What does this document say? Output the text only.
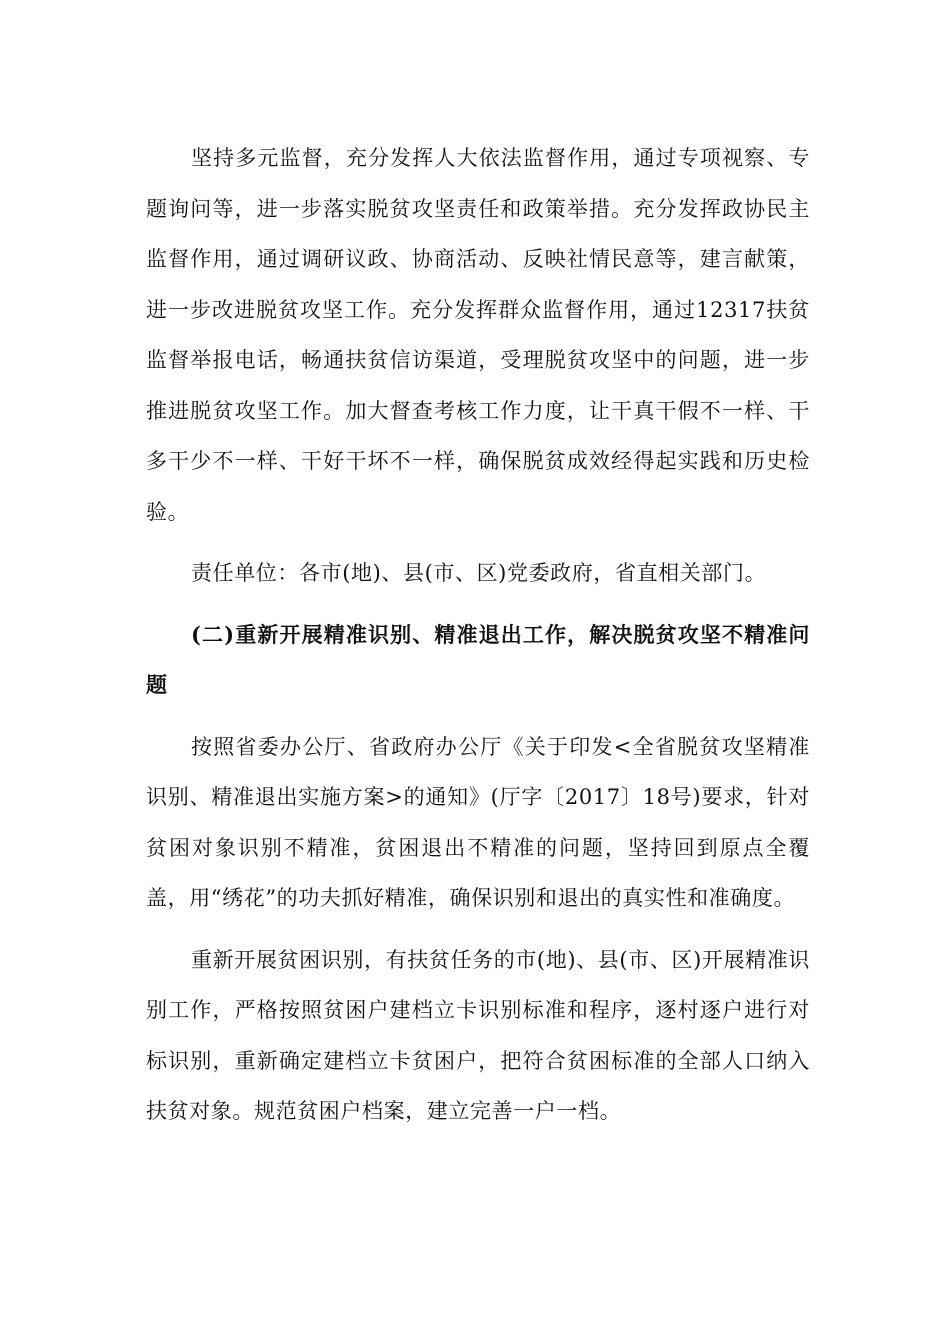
坚持多元监督，充分发挥人大依法监督作用，通过专项视察、专题询问等，进一步落实脱贫攻坚责任和政策举措。充分发挥政协民主监督作用，通过调研议政、协商活动、反映社情民意等，建言献策，进一步改进脱贫攻坚工作。充分发挥群众监督作用，通过12317扶贫监督举报电话，畅通扶贫信访渠道，受理脱贫攻坚中的问题，进一步推进脱贫攻坚工作。加大督查考核工作力度，让干真干假不一样、干多干少不一样、干好干坏不一样，确保脱贫成效经得起实践和历史检验。

责任单位：各市(地)、县(市、区)党委政府，省直相关部门。

(二)重新开展精准识别、精准退出工作，解决脱贫攻坚不精准问题

按照省委办公厅、省政府办公厅《关于印发<全省脱贫攻坚精准识别、精准退出实施方案>的通知》(厅字〔2017〕18号)要求，针对贫困对象识别不精准，贫困退出不精准的问题，坚持回到原点全覆盖，用“绣花”的功夫抓好精准，确保识别和退出的真实性和准确度。

重新开展贫困识别，有扶贫任务的市(地)、县(市、区)开展精准识别工作，严格按照贫困户建档立卡识别标准和程序，逐村逐户进行对标识别，重新确定建档立卡贫困户，把符合贫困标准的全部人口纳入扶贫对象。规范贫困户档案，建立完善一户一档。
